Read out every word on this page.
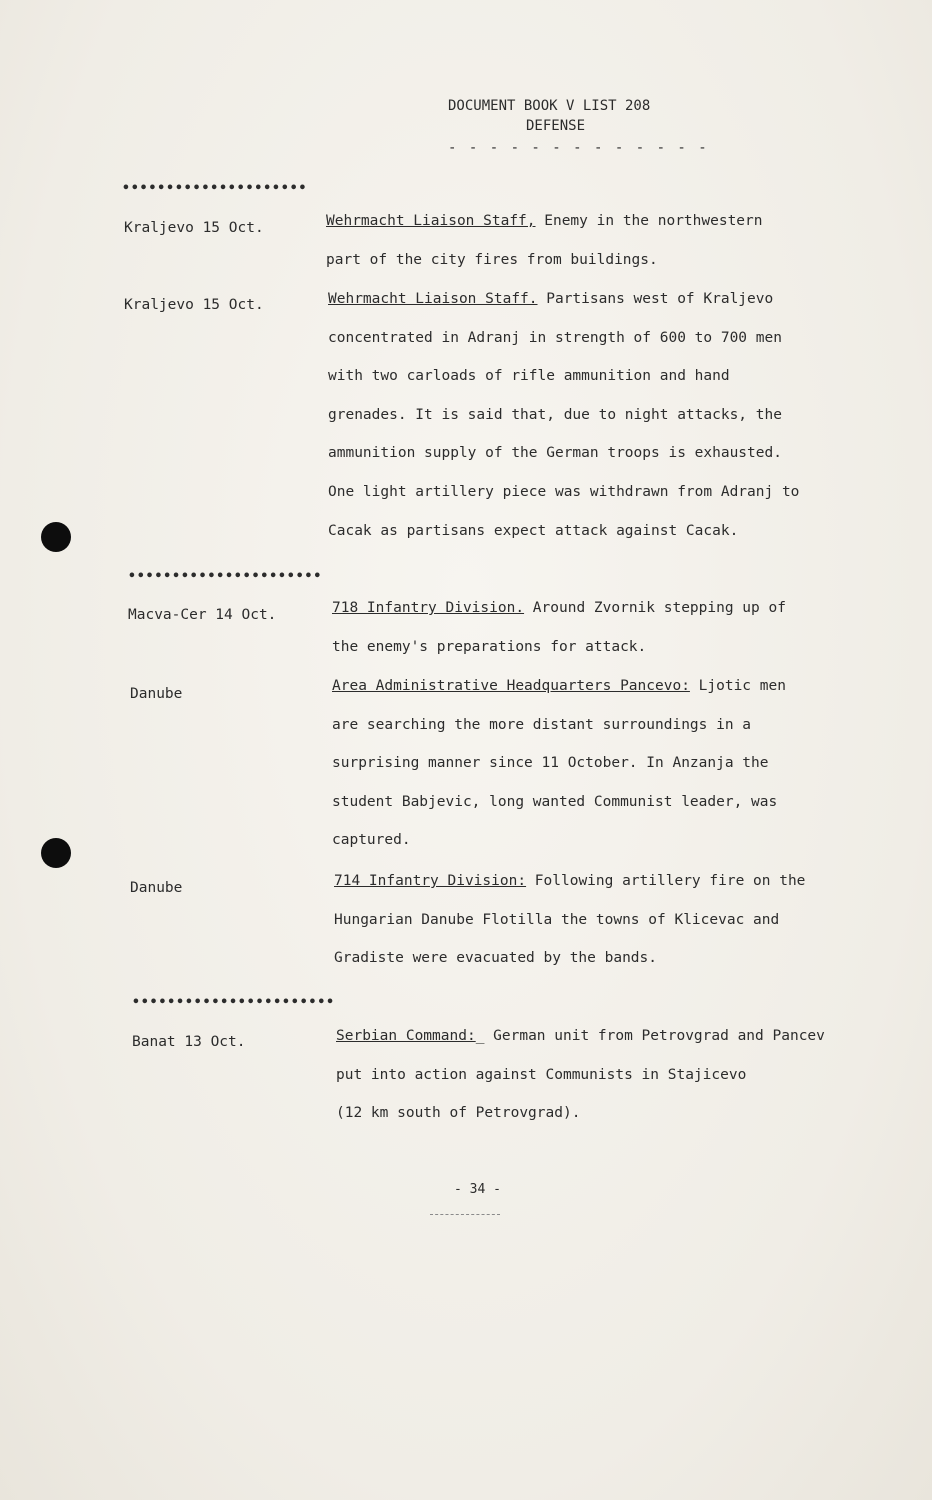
DOCUMENT BOOK V LIST 208
DEFENSE
- - - - - - - - - - - - -
•••••••••••••••••••••
Kraljevo 15 Oct.	Wehrmacht Liaison Staff, Enemy in the northwestern
part of the city fires from buildings.
Kraljevo 15 Oct.	Wehrmacht Liaison Staff. Partisans west of Kraljevo
concentrated in Adranj in strength of 600 to 700 men
with two carloads of rifle ammunition and hand
grenades. It is said that, due to night attacks, the
ammunition supply of the German troops is exhausted.
One light artillery piece was withdrawn from Adranj to
Cacak as partisans expect attack against Cacak.
••••••••••••••••••••••
Macva-Cer 14 Oct.	718 Infantry Division. Around Zvornik stepping up of
the enemy's preparations for attack.
Danube	Area Administrative Headquarters Pancevo: Ljotic men
are searching the more distant surroundings in a
surprising manner since 11 October. In Anzanja the
student Babjevic, long wanted Communist leader, was
captured.
Danube	714 Infantry Division: Following artillery fire on the
Hungarian Danube Flotilla the towns of Klicevac and
Gradiste were evacuated by the bands.
•••••••••••••••••••••••
Banat 13 Oct.	Serbian Command:_ German unit from Petrovgrad and Pancev
put into action against Communists in Stajicevo
(12 km south of Petrovgrad).
- 34 -
